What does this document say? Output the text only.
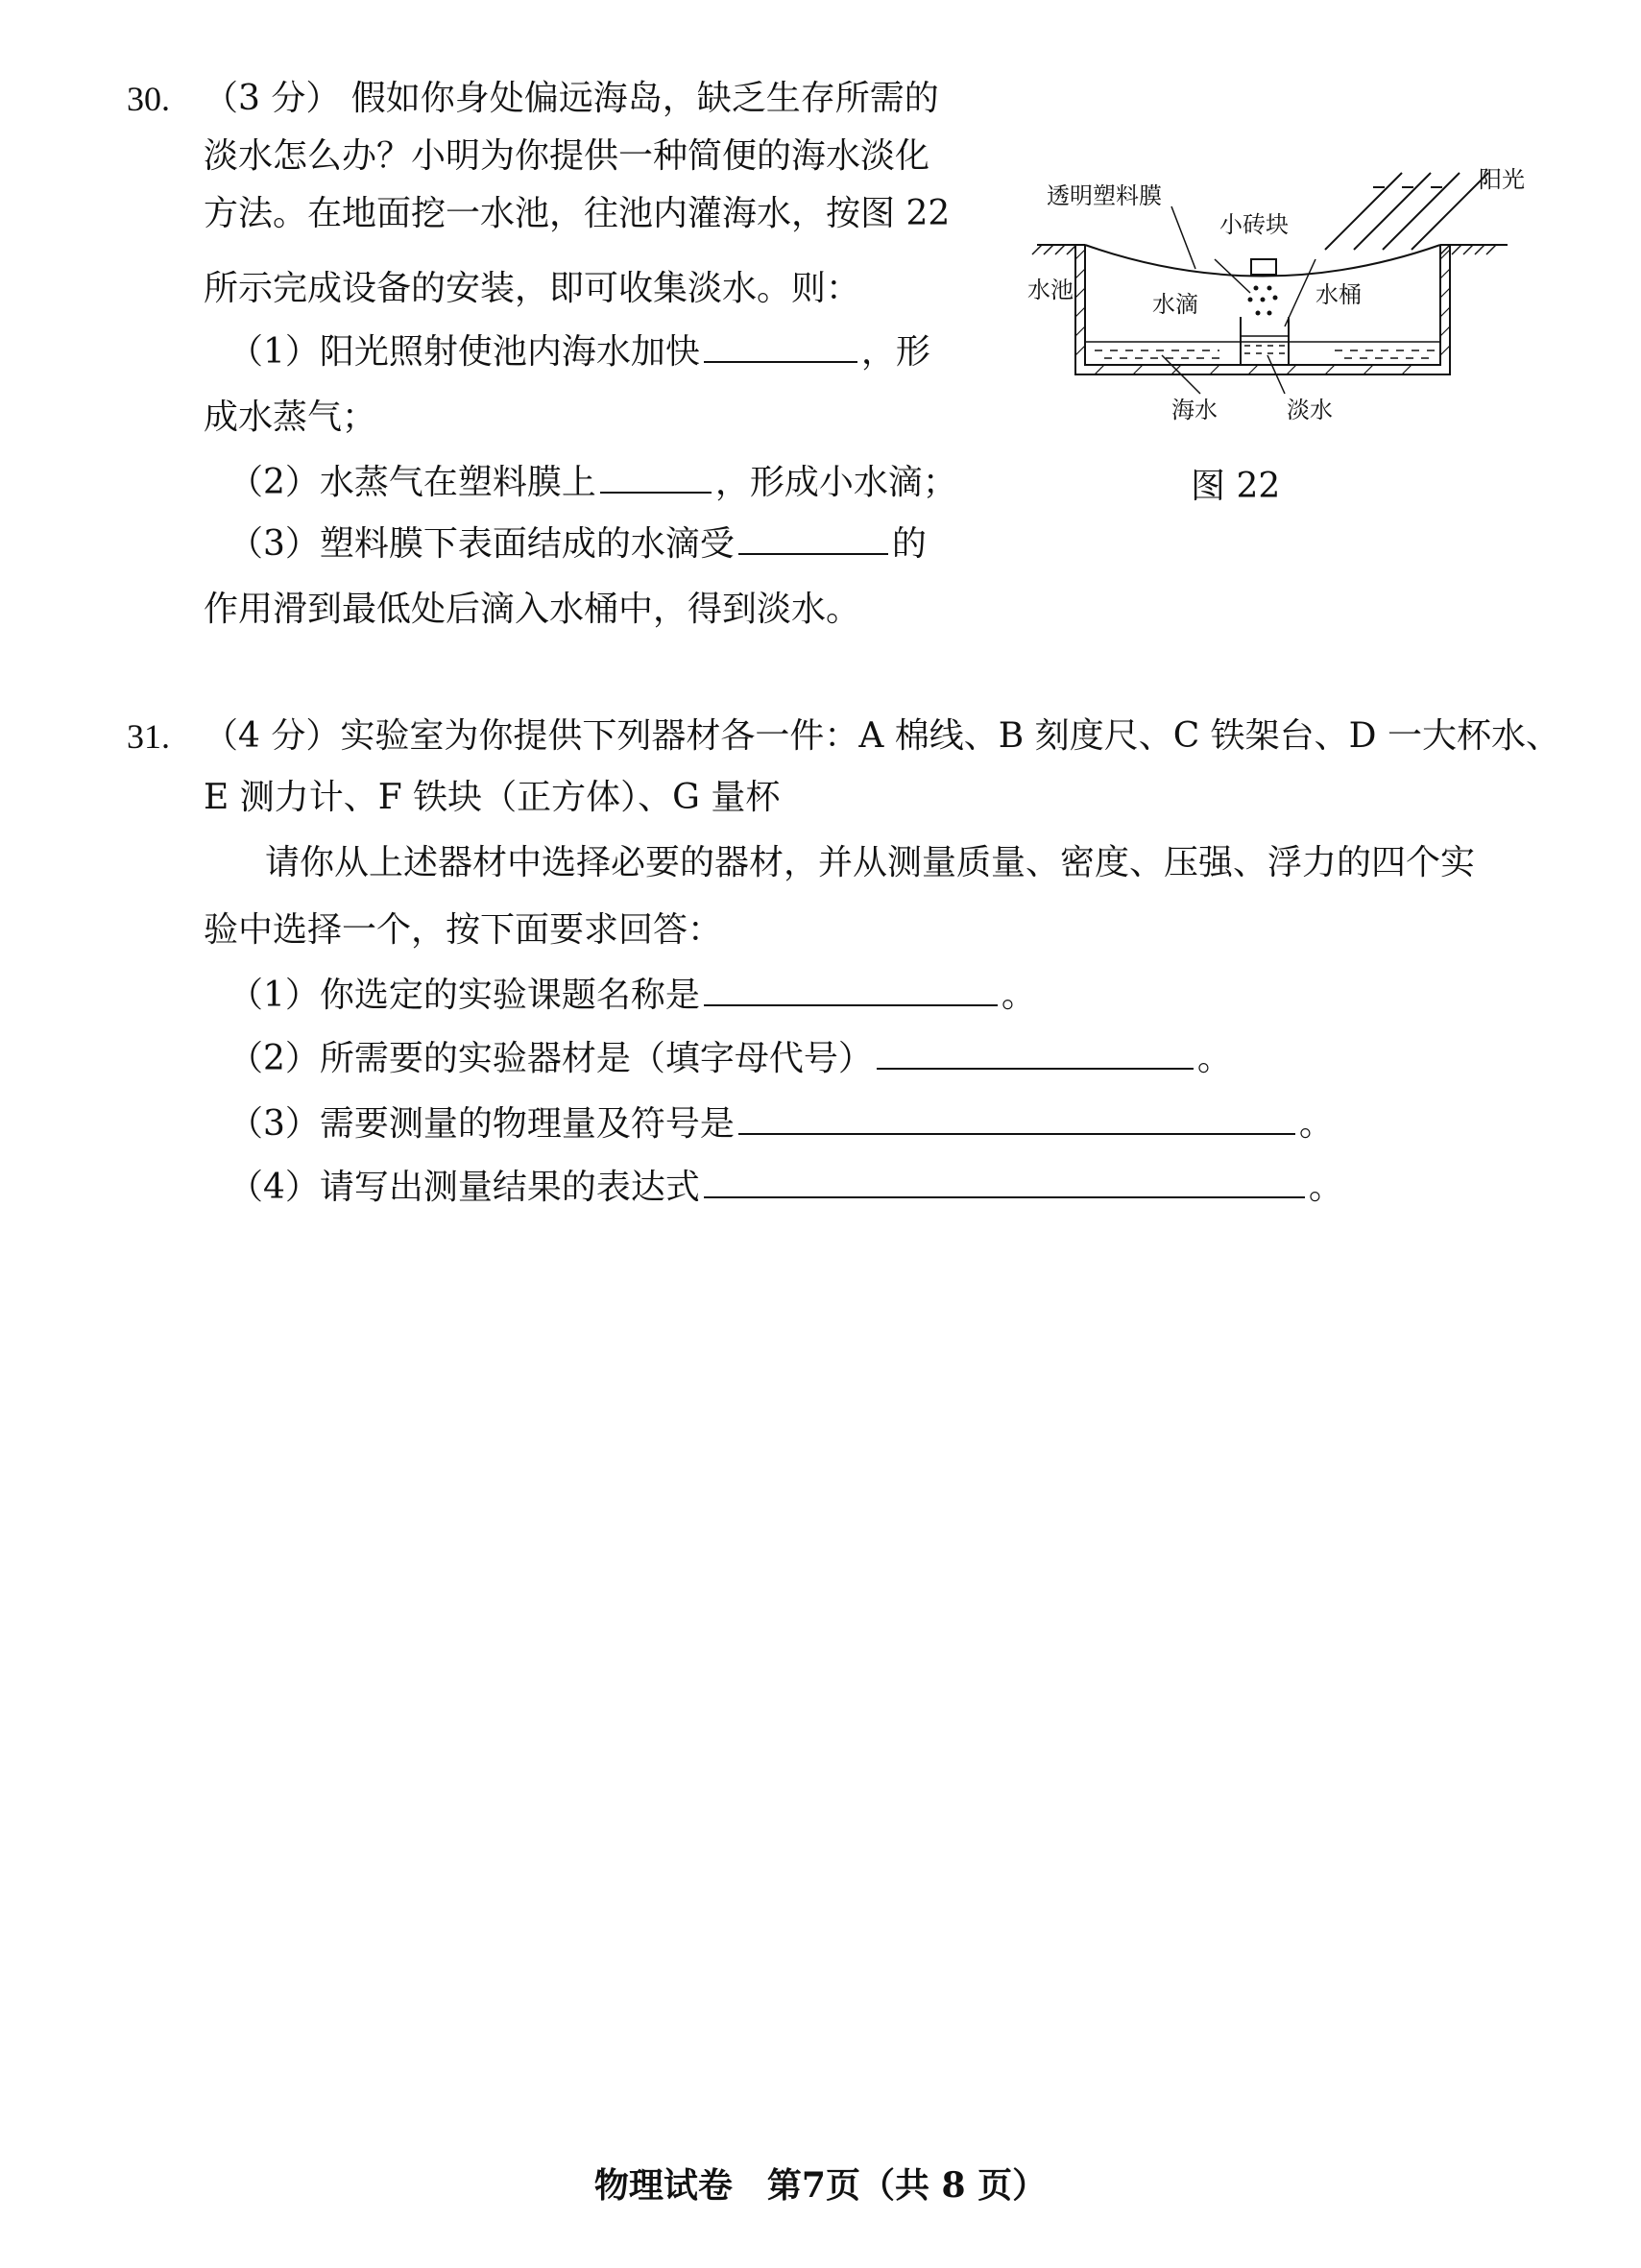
30. （3 分） 假如你身处偏远海岛，缺乏生存所需的
淡水怎么办？小明为你提供一种简便的海水淡化
方法。在地面挖一水池，往池内灌海水，按图 22
所示完成设备的安装，即可收集淡水。则：
（1）阳光照射使池内海水加快	，形
成水蒸气；
（2）水蒸气在塑料膜上	，形成小水滴；
（3）塑料膜下表面结成的水滴受	的
作用滑到最低处后滴入水桶中，得到淡水。
透明塑料膜
小砖块
阳光
水池
水滴	水桶
海水	淡水
图 22
31. （4 分）实验室为你提供下列器材各一件：A 棉线、B 刻度尺、C 铁架台、D 一大杯水、
E 测力计、F 铁块（正方体）、G 量杯
请你从上述器材中选择必要的器材，并从测量质量、密度、压强、浮力的四个实
验中选择一个，按下面要求回答：
（1）你选定的实验课题名称是	。
（2）所需要的实验器材是（填字母代号）	。
（3）需要测量的物理量及符号是	。
（4）请写出测量结果的表达式	。
物理试卷　第7页（共 8 页）
